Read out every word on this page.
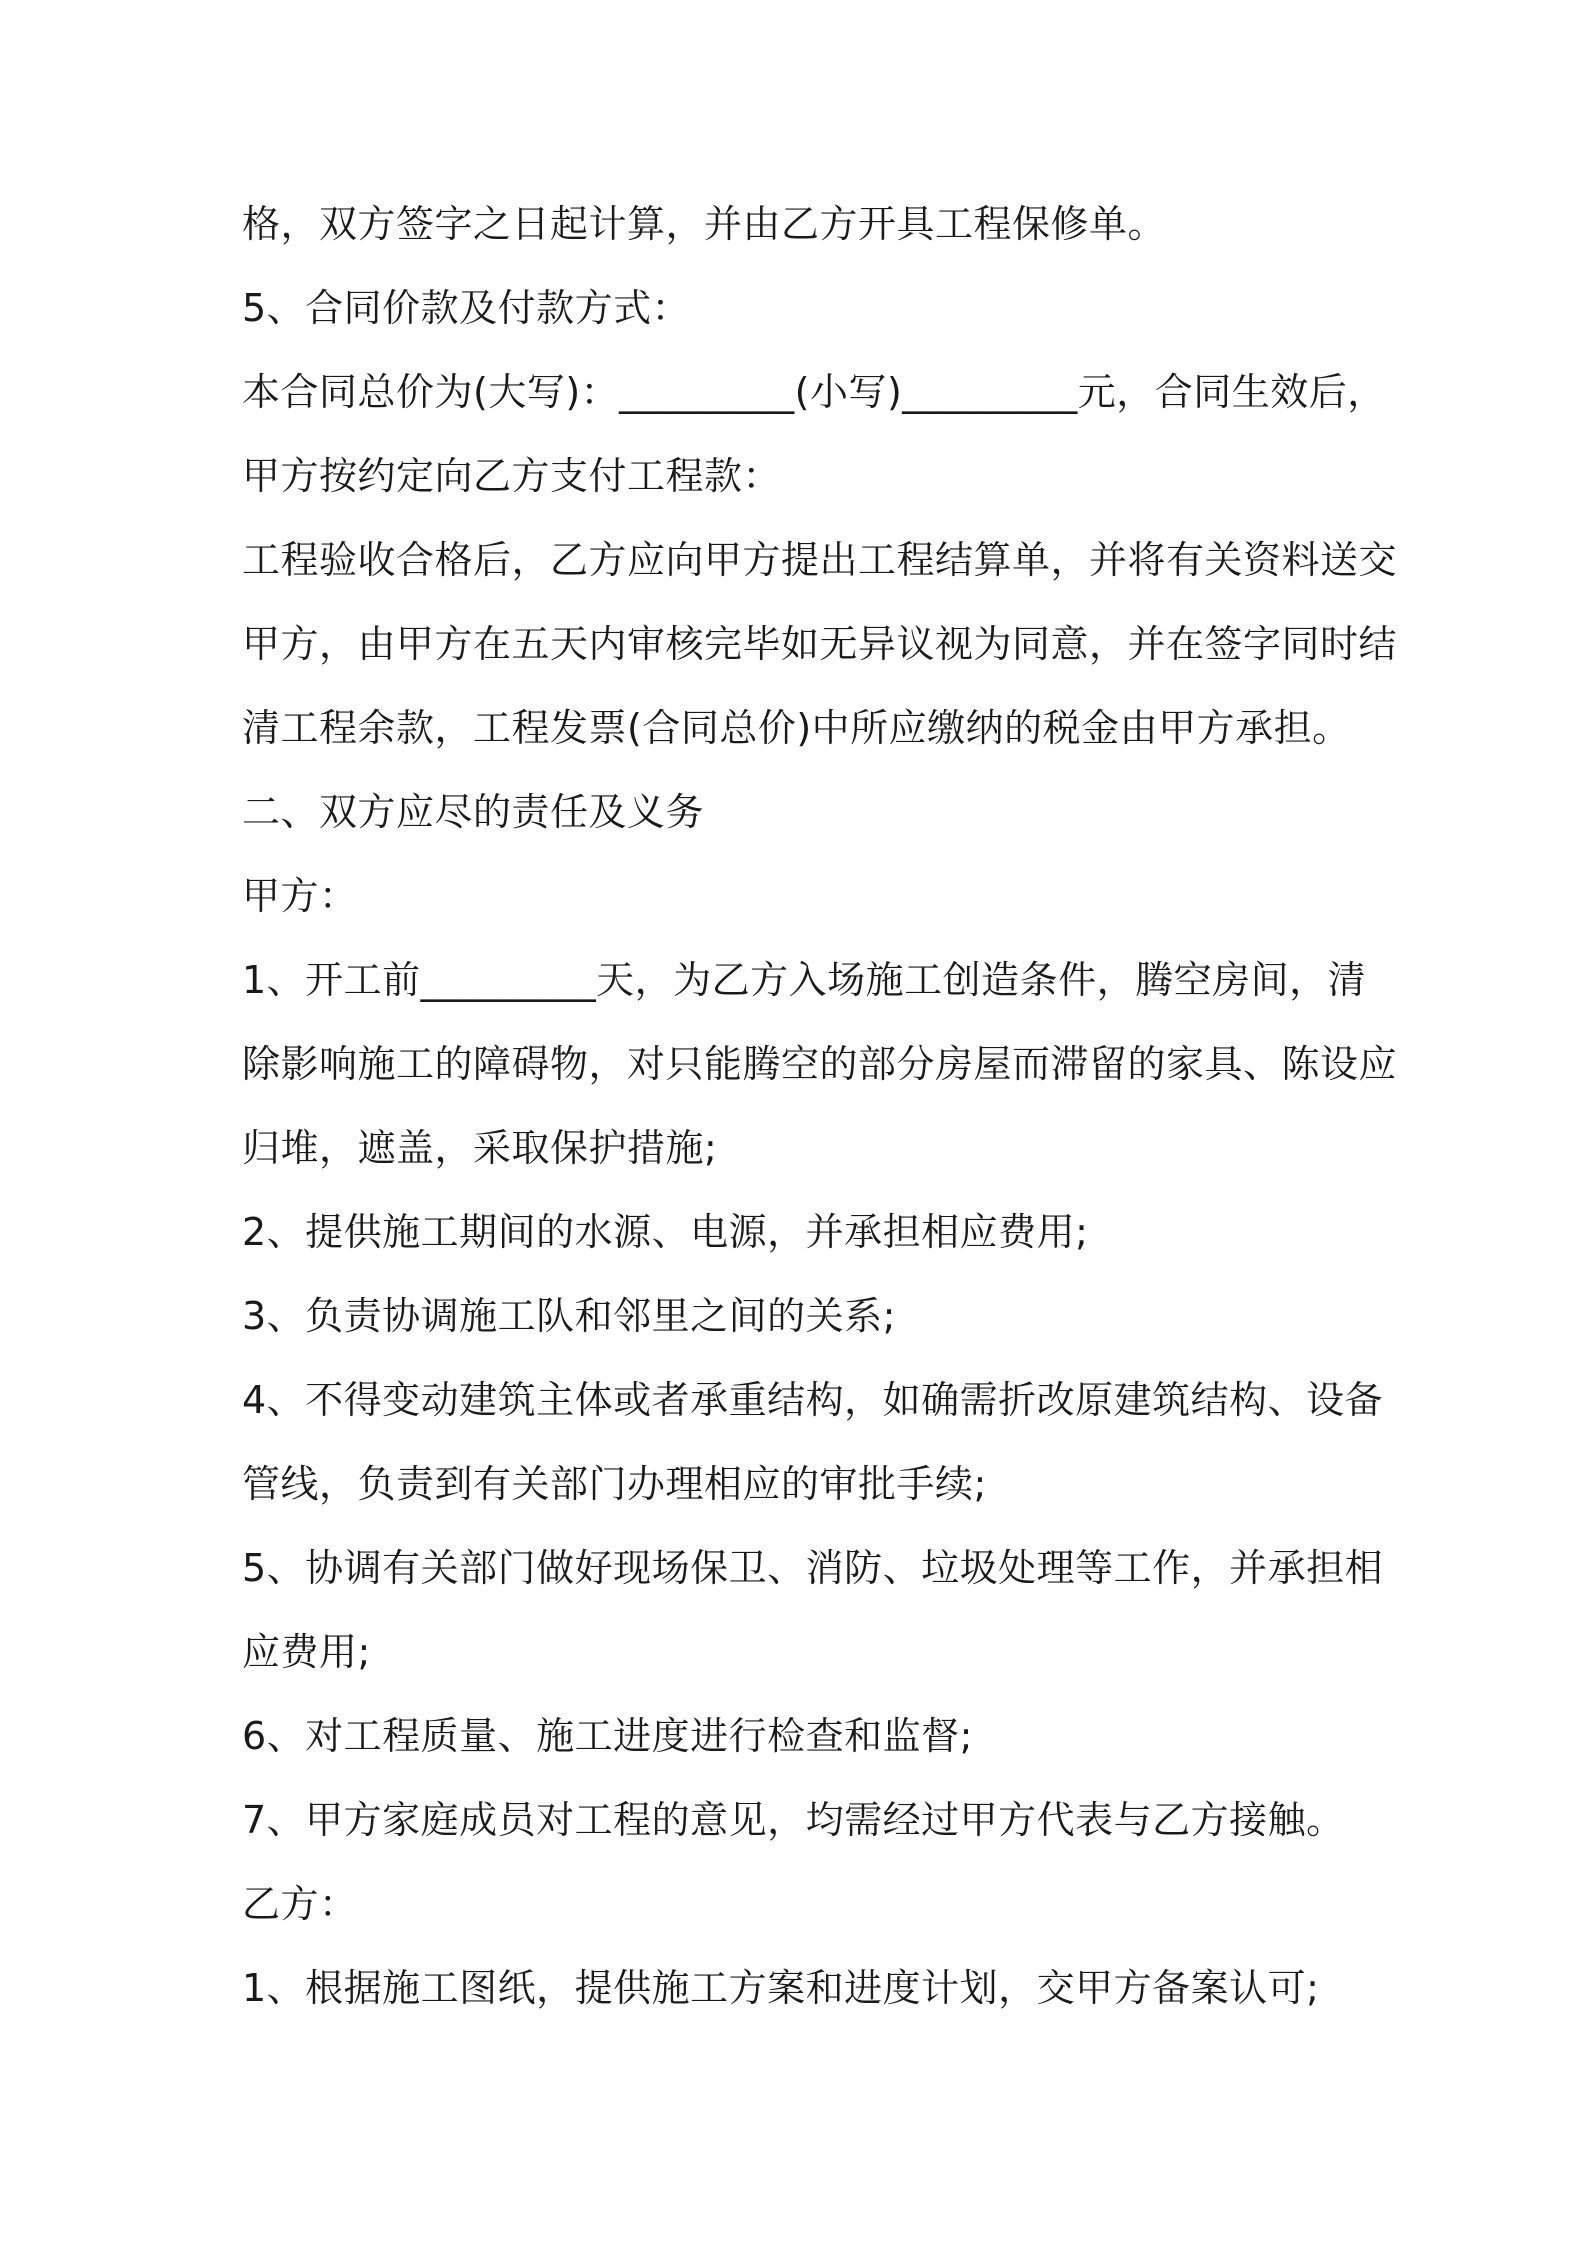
格，双方签字之日起计算，并由乙方开具工程保修单。
5、合同价款及付款方式：
本合同总价为(大写)：_________(小写)_________元，合同生效后，
甲方按约定向乙方支付工程款：
工程验收合格后，乙方应向甲方提出工程结算单，并将有关资料送交
甲方，由甲方在五天内审核完毕如无异议视为同意，并在签字同时结
清工程余款，工程发票(合同总价)中所应缴纳的税金由甲方承担。
二、双方应尽的责任及义务
甲方：
1、开工前_________天，为乙方入场施工创造条件，腾空房间，清
除影响施工的障碍物，对只能腾空的部分房屋而滞留的家具、陈设应
归堆，遮盖，采取保护措施;
2、提供施工期间的水源、电源，并承担相应费用;
3、负责协调施工队和邻里之间的关系;
4、不得变动建筑主体或者承重结构，如确需折改原建筑结构、设备
管线，负责到有关部门办理相应的审批手续;
5、协调有关部门做好现场保卫、消防、垃圾处理等工作，并承担相
应费用;
6、对工程质量、施工进度进行检查和监督;
7、甲方家庭成员对工程的意见，均需经过甲方代表与乙方接触。
乙方：
1、根据施工图纸，提供施工方案和进度计划，交甲方备案认可;
